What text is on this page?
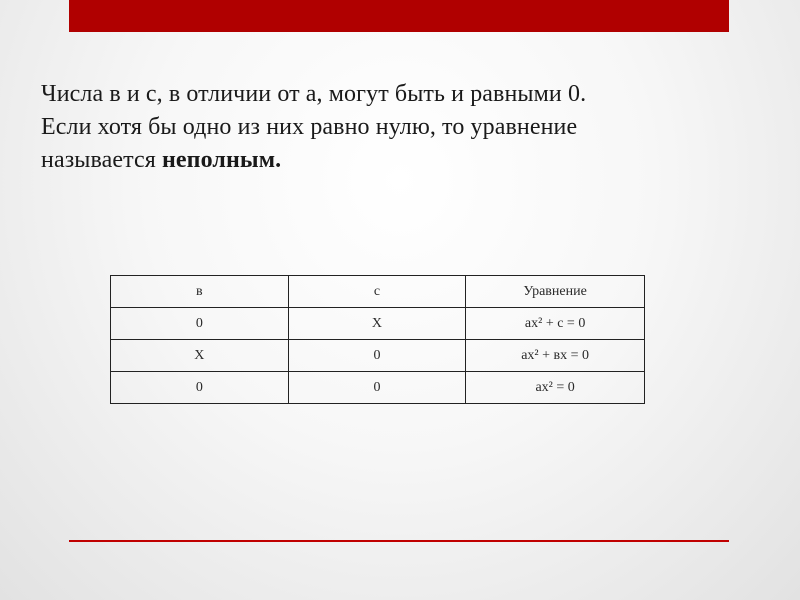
Числа в и с, в отличии от а, могут быть и равными 0.
Если хотя бы одно из них равно нулю, то уравнение
называется неполным.
в	с	Уравнение
0	X	ах² + с = 0
X	0	ах² + вх = 0
0	0	ах² = 0
